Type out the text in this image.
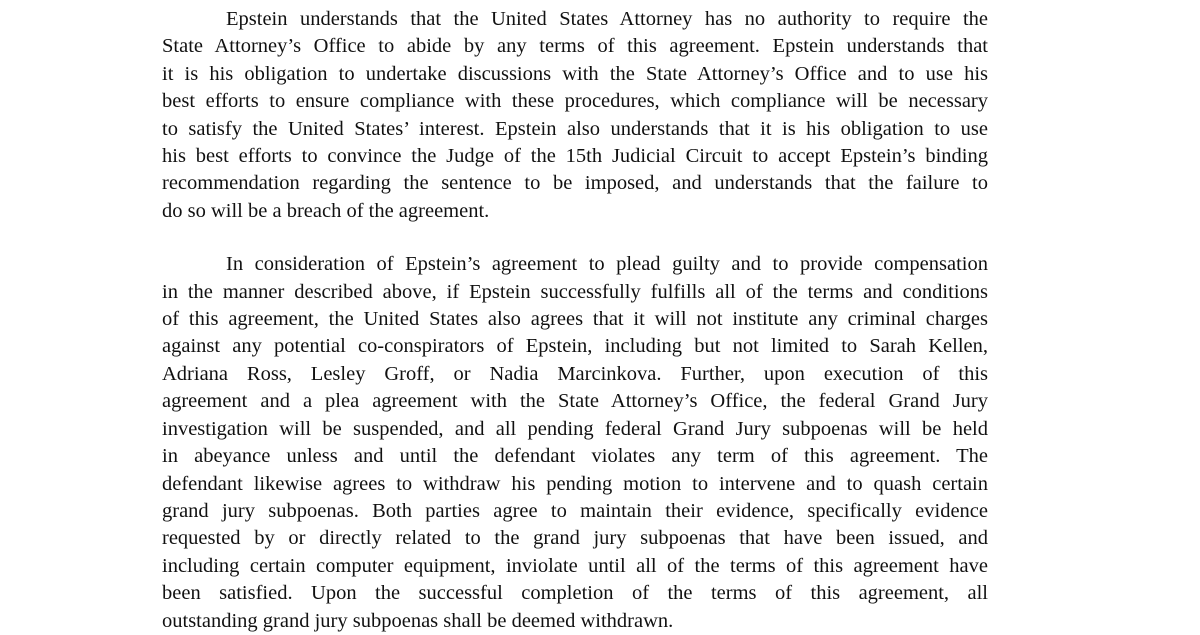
Epstein understands that the United States Attorney has no authority to require the
State Attorney’s Office to abide by any terms of this agreement. Epstein understands that
it is his obligation to undertake discussions with the State Attorney’s Office and to use his
best efforts to ensure compliance with these procedures, which compliance will be necessary
to satisfy the United States’ interest. Epstein also understands that it is his obligation to use
his best efforts to convince the Judge of the 15th Judicial Circuit to accept Epstein’s binding
recommendation regarding the sentence to be imposed, and understands that the failure to
do so will be a breach of the agreement.

In consideration of Epstein’s agreement to plead guilty and to provide compensation
in the manner described above, if Epstein successfully fulfills all of the terms and conditions
of this agreement, the United States also agrees that it will not institute any criminal charges
against any potential co-conspirators of Epstein, including but not limited to Sarah Kellen,
Adriana Ross, Lesley Groff, or Nadia Marcinkova. Further, upon execution of this
agreement and a plea agreement with the State Attorney’s Office, the federal Grand Jury
investigation will be suspended, and all pending federal Grand Jury subpoenas will be held
in abeyance unless and until the defendant violates any term of this agreement. The
defendant likewise agrees to withdraw his pending motion to intervene and to quash certain
grand jury subpoenas. Both parties agree to maintain their evidence, specifically evidence
requested by or directly related to the grand jury subpoenas that have been issued, and
including certain computer equipment, inviolate until all of the terms of this agreement have
been satisfied. Upon the successful completion of the terms of this agreement, all
outstanding grand jury subpoenas shall be deemed withdrawn.
